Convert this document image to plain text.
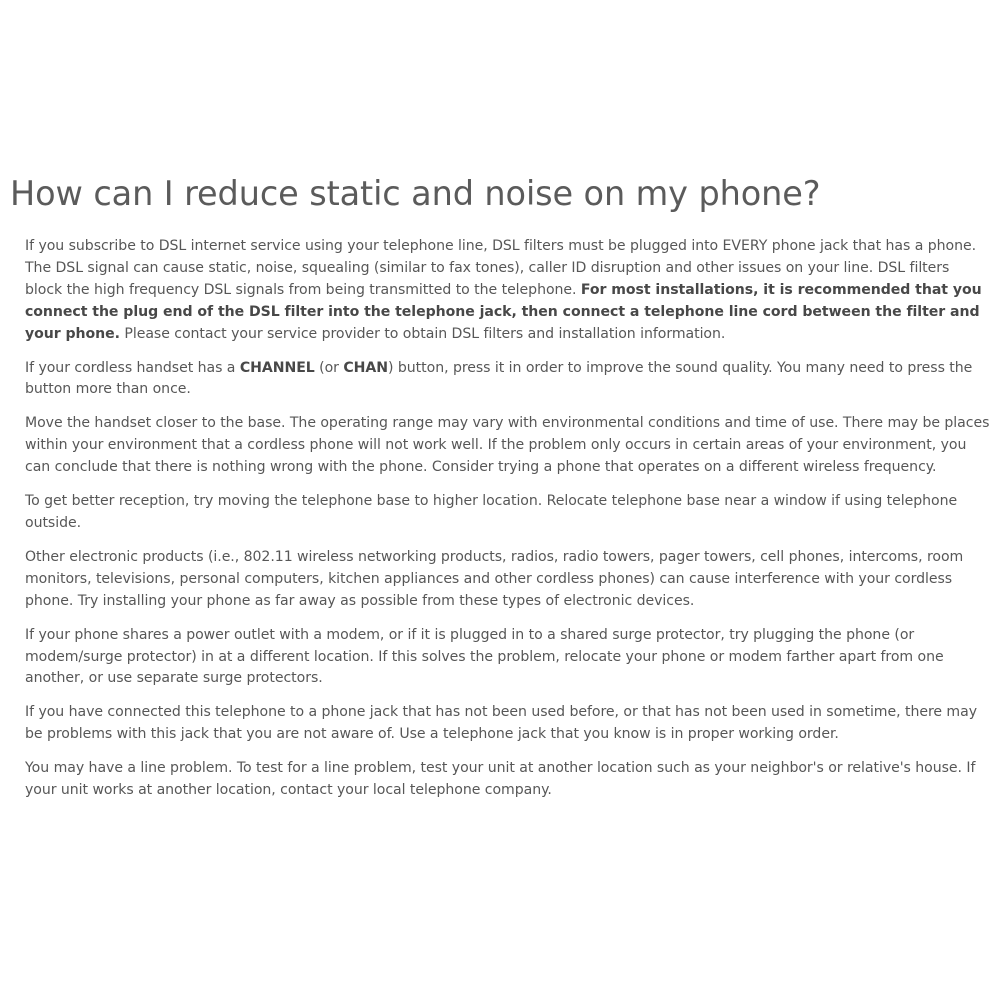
How can I reduce static and noise on my phone?

If you subscribe to DSL internet service using your telephone line, DSL filters must be plugged into EVERY phone jack that has a phone. The DSL signal can cause static, noise, squealing (similar to fax tones), caller ID disruption and other issues on your line. DSL filters block the high frequency DSL signals from being transmitted to the telephone. For most installations, it is recommended that you connect the plug end of the DSL filter into the telephone jack, then connect a telephone line cord between the filter and your phone. Please contact your service provider to obtain DSL filters and installation information.

If your cordless handset has a CHANNEL (or CHAN) button, press it in order to improve the sound quality. You many need to press the button more than once.

Move the handset closer to the base. The operating range may vary with environmental conditions and time of use. There may be places within your environment that a cordless phone will not work well. If the problem only occurs in certain areas of your environment, you can conclude that there is nothing wrong with the phone. Consider trying a phone that operates on a different wireless frequency.

To get better reception, try moving the telephone base to higher location. Relocate telephone base near a window if using telephone outside.

Other electronic products (i.e., 802.11 wireless networking products, radios, radio towers, pager towers, cell phones, intercoms, room monitors, televisions, personal computers, kitchen appliances and other cordless phones) can cause interference with your cordless phone. Try installing your phone as far away as possible from these types of electronic devices.

If your phone shares a power outlet with a modem, or if it is plugged in to a shared surge protector, try plugging the phone (or modem/surge protector) in at a different location. If this solves the problem, relocate your phone or modem farther apart from one another, or use separate surge protectors.

If you have connected this telephone to a phone jack that has not been used before, or that has not been used in sometime, there may be problems with this jack that you are not aware of. Use a telephone jack that you know is in proper working order.

You may have a line problem. To test for a line problem, test your unit at another location such as your neighbor's or relative's house. If your unit works at another location, contact your local telephone company.
